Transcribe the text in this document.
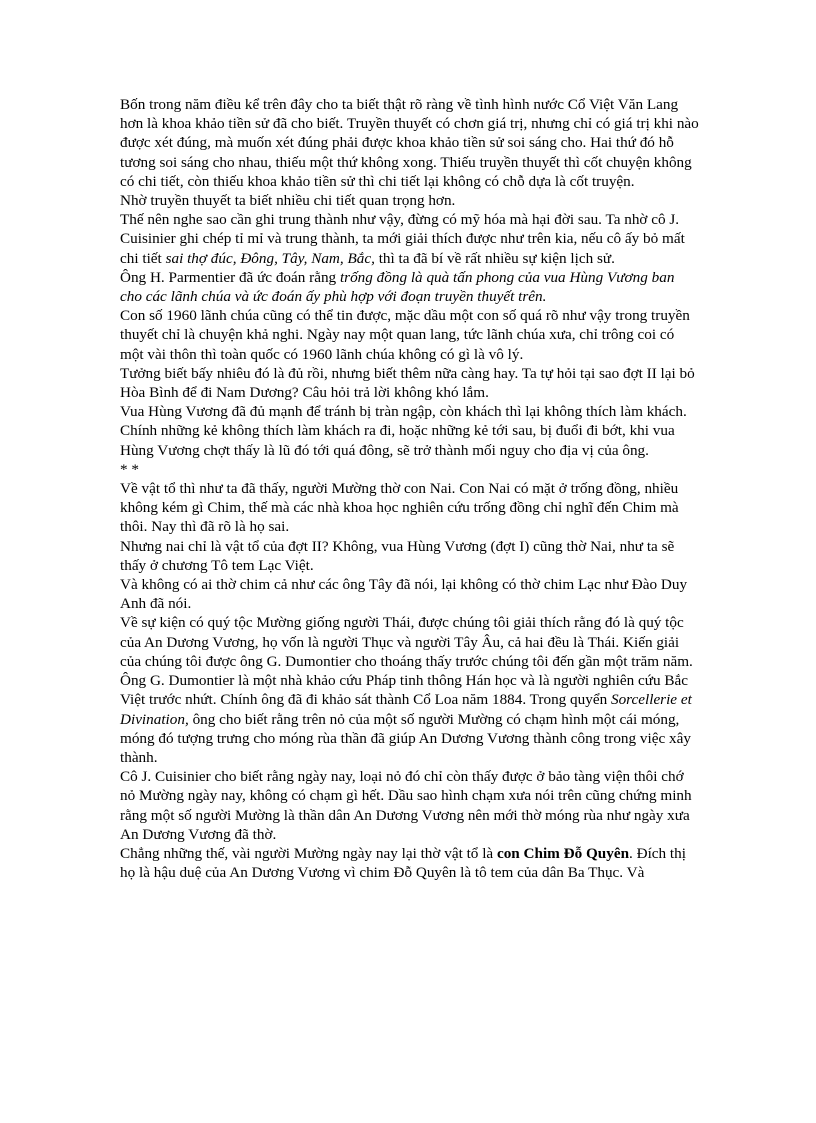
Bốn trong năm điều kể trên đây cho ta biết thật rõ ràng về tình hình nước Cổ Việt Văn Lang hơn là khoa khảo tiền sử đã cho biết. Truyền thuyết có chơn giá trị, nhưng chỉ có giá trị khi nào được xét đúng, mà muốn xét đúng phải được khoa khảo tiền sử soi sáng cho. Hai thứ đó hỗ tương soi sáng cho nhau, thiếu một thứ không xong. Thiếu truyền thuyết thì cốt chuyện không có chi tiết, còn thiếu khoa khảo tiền sử thì chi tiết lại không có chỗ dựa là cốt truyện.

Nhờ truyền thuyết ta biết nhiều chi tiết quan trọng hơn.

Thế nên nghe sao cần ghi trung thành như vậy, đừng có mỹ hóa mà hại đời sau. Ta nhờ cô J. Cuisinier ghi chép tỉ mỉ và trung thành, ta mới giải thích được như trên kia, nếu cô ấy bỏ mất chi tiết sai thợ đúc, Đông, Tây, Nam, Bắc, thì ta đã bí về rất nhiều sự kiện lịch sử.

Ông H. Parmentier đã ức đoán rằng trống đồng là quà tấn phong của vua Hùng Vương ban cho các lãnh chúa và ức đoán ấy phù hợp với đoạn truyền thuyết trên.

Con số 1960 lãnh chúa cũng có thể tin được, mặc dầu một con số quá rõ như vậy trong truyền thuyết chỉ là chuyện khả nghi. Ngày nay một quan lang, tức lãnh chúa xưa, chỉ trông coi có một vài thôn thì toàn quốc có 1960 lãnh chúa không có gì là vô lý.

Tưởng biết bấy nhiêu đó là đủ rồi, nhưng biết thêm nữa càng hay. Ta tự hỏi tại sao đợt II lại bỏ Hòa Bình để đi Nam Dương? Câu hỏi trả lời không khó lắm.

Vua Hùng Vương đã đủ mạnh để tránh bị tràn ngập, còn khách thì lại không thích làm khách. Chính những kẻ không thích làm khách ra đi, hoặc những kẻ tới sau, bị đuổi đi bớt, khi vua Hùng Vương chợt thấy là lũ đó tới quá đông, sẽ trở thành mối nguy cho địa vị của ông.

* *

Về vật tổ thì như ta đã thấy, người Mường thờ con Nai. Con Nai có mặt ở trống đồng, nhiều không kém gì Chim, thế mà các nhà khoa học nghiên cứu trống đồng chỉ nghĩ đến Chim mà thôi. Nay thì đã rõ là họ sai.

Nhưng nai chỉ là vật tổ của đợt II? Không, vua Hùng Vương (đợt I) cũng thờ Nai, như ta sẽ thấy ở chương Tô tem Lạc Việt.

Và không có ai thờ chim cả như các ông Tây đã nói, lại không có thờ chim Lạc như Đào Duy Anh đã nói.

Về sự kiện có quý tộc Mường giống người Thái, được chúng tôi giải thích rằng đó là quý tộc của An Dương Vương, họ vốn là người Thục và người Tây Âu, cả hai đều là Thái. Kiến giải của chúng tôi được ông G. Dumontier cho thoáng thấy trước chúng tôi đến gần một trăm năm.

Ông G. Dumontier là một nhà khảo cứu Pháp tinh thông Hán học và là người nghiên cứu Bắc Việt trước nhứt. Chính ông đã đi khảo sát thành Cổ Loa năm 1884. Trong quyển Sorcellerie et Divination, ông cho biết rằng trên nỏ của một số người Mường có chạm hình một cái móng, móng đó tượng trưng cho móng rùa thần đã giúp An Dương Vương thành công trong việc xây thành.

Cô J. Cuisinier cho biết rằng ngày nay, loại nỏ đó chỉ còn thấy được ở bảo tàng viện thôi chớ nỏ Mường ngày nay, không có chạm gì hết. Dầu sao hình chạm xưa nói trên cũng chứng minh rằng một số người Mường là thần dân An Dương Vương nên mới thờ móng rùa như ngày xưa An Dương Vương đã thờ.

Chẳng những thế, vài người Mường ngày nay lại thờ vật tổ là con Chim Đỗ Quyên. Đích thị họ là hậu duệ của An Dương Vương vì chim Đỗ Quyên là tô tem của dân Ba Thục. Và
